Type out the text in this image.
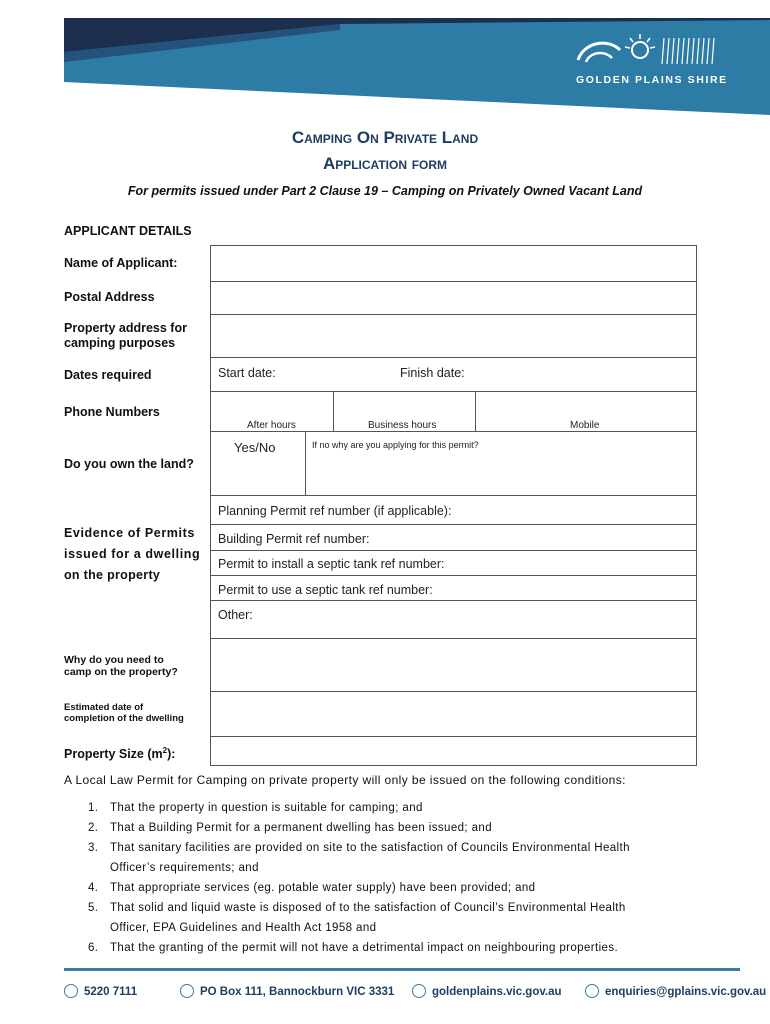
GOLDEN PLAINS SHIRE
Camping On Private Land
Application form
For permits issued under Part 2 Clause 19 – Camping on Privately Owned Vacant Land
APPLICANT DETAILS
Name of Applicant:
Postal Address
Property address for
camping purposes
Dates required	Start date:	Finish date:
Phone Numbers
After hours	Business hours	Mobile
Do you own the land?
Yes/No	If no why are you applying for this permit?
Planning Permit ref number (if applicable):
Evidence of Permits
issued for a dwelling
on the property
Building Permit ref number:
Permit to install a septic tank ref number:
Permit to use a septic tank ref number:
Other:
Why do you need to
camp on the property?
Estimated date of
completion of the dwelling
Property Size $(m^2)$:
A Local Law Permit for Camping on private property will only be issued on the following conditions:
1. That the property in question is suitable for camping; and
2. That a Building Permit for a permanent dwelling has been issued; and
3. That sanitary facilities are provided on site to the satisfaction of Councils Environmental Health
Officer’s requirements; and
4. That appropriate services (eg. potable water supply) have been provided; and
5. That solid and liquid waste is disposed of to the satisfaction of Council’s Environmental Health
Officer, EPA Guidelines and Health Act 1958 and
6. That the granting of the permit will not have a detrimental impact on neighbouring properties.
5220 7111	PO Box 111, Bannockburn VIC 3331	goldenplains.vic.gov.au	enquiries@gplains.vic.gov.au
